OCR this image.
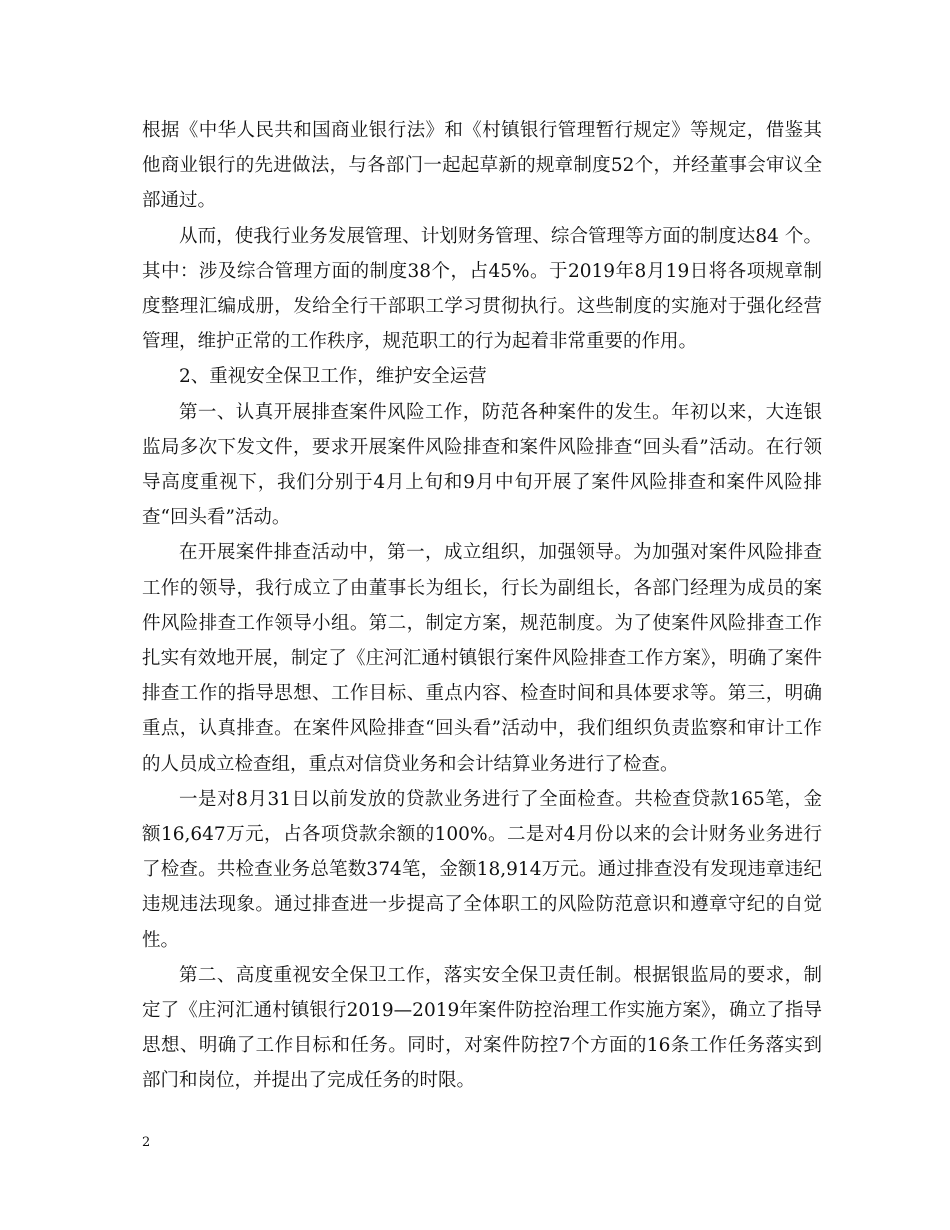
根据《中华人民共和国商业银行法》和《村镇银行管理暂行规定》等规定，借鉴其他商业银行的先进做法，与各部门一起起草新的规章制度52个，并经董事会审议全部通过。

从而，使我行业务发展管理、计划财务管理、综合管理等方面的制度达84 个。其中：涉及综合管理方面的制度38个，占45%。于2019年8月19日将各项规章制度整理汇编成册，发给全行干部职工学习贯彻执行。这些制度的实施对于强化经营管理，维护正常的工作秩序，规范职工的行为起着非常重要的作用。

2、重视安全保卫工作，维护安全运营

第一、认真开展排查案件风险工作，防范各种案件的发生。年初以来，大连银监局多次下发文件，要求开展案件风险排查和案件风险排查“回头看”活动。在行领导高度重视下，我们分别于4月上旬和9月中旬开展了案件风险排查和案件风险排查“回头看”活动。

在开展案件排查活动中，第一，成立组织，加强领导。为加强对案件风险排查工作的领导，我行成立了由董事长为组长，行长为副组长，各部门经理为成员的案件风险排查工作领导小组。第二，制定方案，规范制度。为了使案件风险排查工作扎实有效地开展，制定了《庄河汇通村镇银行案件风险排查工作方案》，明确了案件排查工作的指导思想、工作目标、重点内容、检查时间和具体要求等。第三，明确重点，认真排查。在案件风险排查“回头看”活动中，我们组织负责监察和审计工作的人员成立检查组，重点对信贷业务和会计结算业务进行了检查。

一是对8月31日以前发放的贷款业务进行了全面检查。共检查贷款165笔，金额16,647万元，占各项贷款余额的100%。二是对4月份以来的会计财务业务进行了检查。共检查业务总笔数374笔，金额18,914万元。通过排查没有发现违章违纪违规违法现象。通过排查进一步提高了全体职工的风险防范意识和遵章守纪的自觉性。

第二、高度重视安全保卫工作，落实安全保卫责任制。根据银监局的要求，制定了《庄河汇通村镇银行2019—2019年案件防控治理工作实施方案》，确立了指导思想、明确了工作目标和任务。同时，对案件防控7个方面的16条工作任务落实到部门和岗位，并提出了完成任务的时限。

2
